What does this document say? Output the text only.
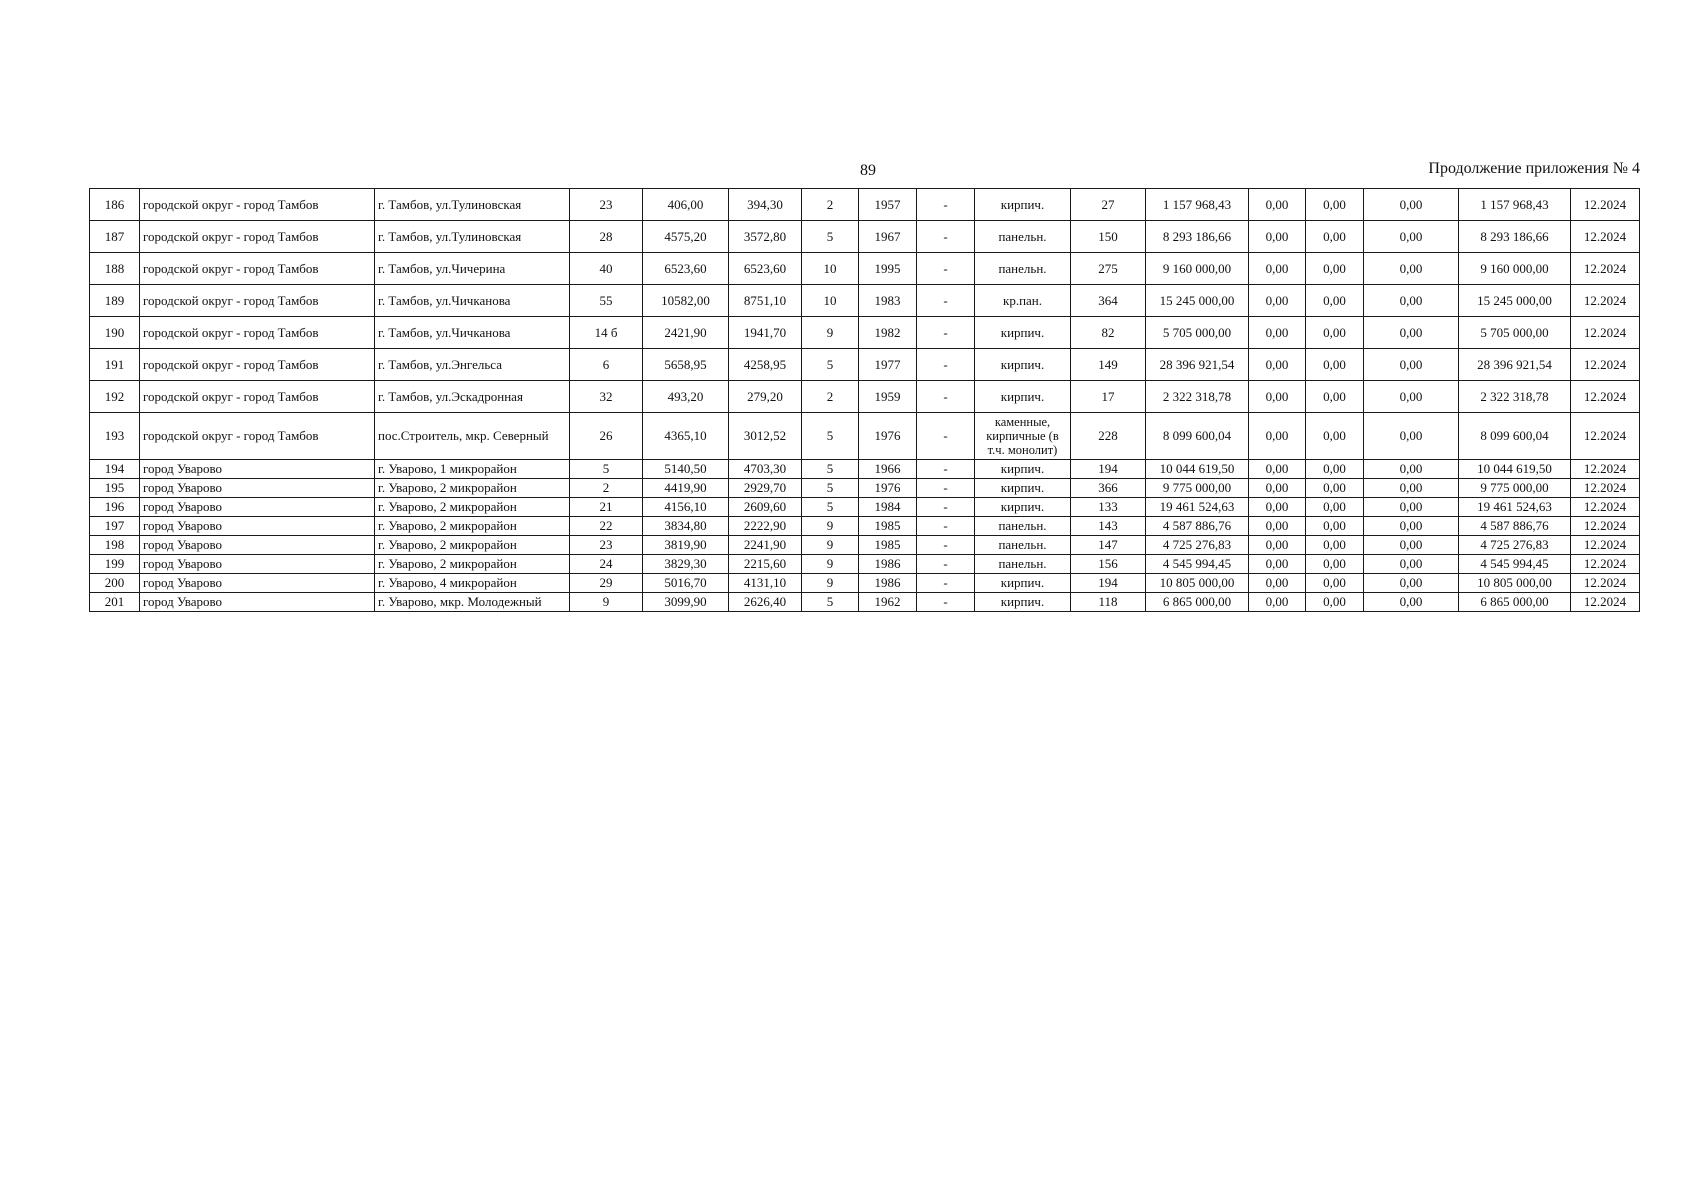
89	Продолжение приложения № 4
186	городской округ - город Тамбов	г. Тамбов, ул.Тулиновская	23	406,00	394,30	2	1957	-	кирпич.	27	1 157 968,43	0,00	0,00	0,00	1 157 968,43	12.2024
187	городской округ - город Тамбов	г. Тамбов, ул.Тулиновская	28	4575,20	3572,80	5	1967	-	панельн.	150	8 293 186,66	0,00	0,00	0,00	8 293 186,66	12.2024
188	городской округ - город Тамбов	г. Тамбов, ул.Чичерина	40	6523,60	6523,60	10	1995	-	панельн.	275	9 160 000,00	0,00	0,00	0,00	9 160 000,00	12.2024
189	городской округ - город Тамбов	г. Тамбов, ул.Чичканова	55	10582,00	8751,10	10	1983	-	кр.пан.	364	15 245 000,00	0,00	0,00	0,00	15 245 000,00	12.2024
190	городской округ - город Тамбов	г. Тамбов, ул.Чичканова	14 б	2421,90	1941,70	9	1982	-	кирпич.	82	5 705 000,00	0,00	0,00	0,00	5 705 000,00	12.2024
191	городской округ - город Тамбов	г. Тамбов, ул.Энгельса	6	5658,95	4258,95	5	1977	-	кирпич.	149	28 396 921,54	0,00	0,00	0,00	28 396 921,54	12.2024
192	городской округ - город Тамбов	г. Тамбов, ул.Эскадронная	32	493,20	279,20	2	1959	-	кирпич.	17	2 322 318,78	0,00	0,00	0,00	2 322 318,78	12.2024
193	городской округ - город Тамбов	пос.Строитель, мкр. Северный	26	4365,10	3012,52	5	1976	-	каменные, кирпичные (в т.ч. монолит)	228	8 099 600,04	0,00	0,00	0,00	8 099 600,04	12.2024
194	город Уварово	г. Уварово, 1 микрорайон	5	5140,50	4703,30	5	1966	-	кирпич.	194	10 044 619,50	0,00	0,00	0,00	10 044 619,50	12.2024
195	город Уварово	г. Уварово, 2 микрорайон	2	4419,90	2929,70	5	1976	-	кирпич.	366	9 775 000,00	0,00	0,00	0,00	9 775 000,00	12.2024
196	город Уварово	г. Уварово, 2 микрорайон	21	4156,10	2609,60	5	1984	-	кирпич.	133	19 461 524,63	0,00	0,00	0,00	19 461 524,63	12.2024
197	город Уварово	г. Уварово, 2 микрорайон	22	3834,80	2222,90	9	1985	-	панельн.	143	4 587 886,76	0,00	0,00	0,00	4 587 886,76	12.2024
198	город Уварово	г. Уварово, 2 микрорайон	23	3819,90	2241,90	9	1985	-	панельн.	147	4 725 276,83	0,00	0,00	0,00	4 725 276,83	12.2024
199	город Уварово	г. Уварово, 2 микрорайон	24	3829,30	2215,60	9	1986	-	панельн.	156	4 545 994,45	0,00	0,00	0,00	4 545 994,45	12.2024
200	город Уварово	г. Уварово, 4 микрорайон	29	5016,70	4131,10	9	1986	-	кирпич.	194	10 805 000,00	0,00	0,00	0,00	10 805 000,00	12.2024
201	город Уварово	г. Уварово, мкр. Молодежный	9	3099,90	2626,40	5	1962	-	кирпич.	118	6 865 000,00	0,00	0,00	0,00	6 865 000,00	12.2024
